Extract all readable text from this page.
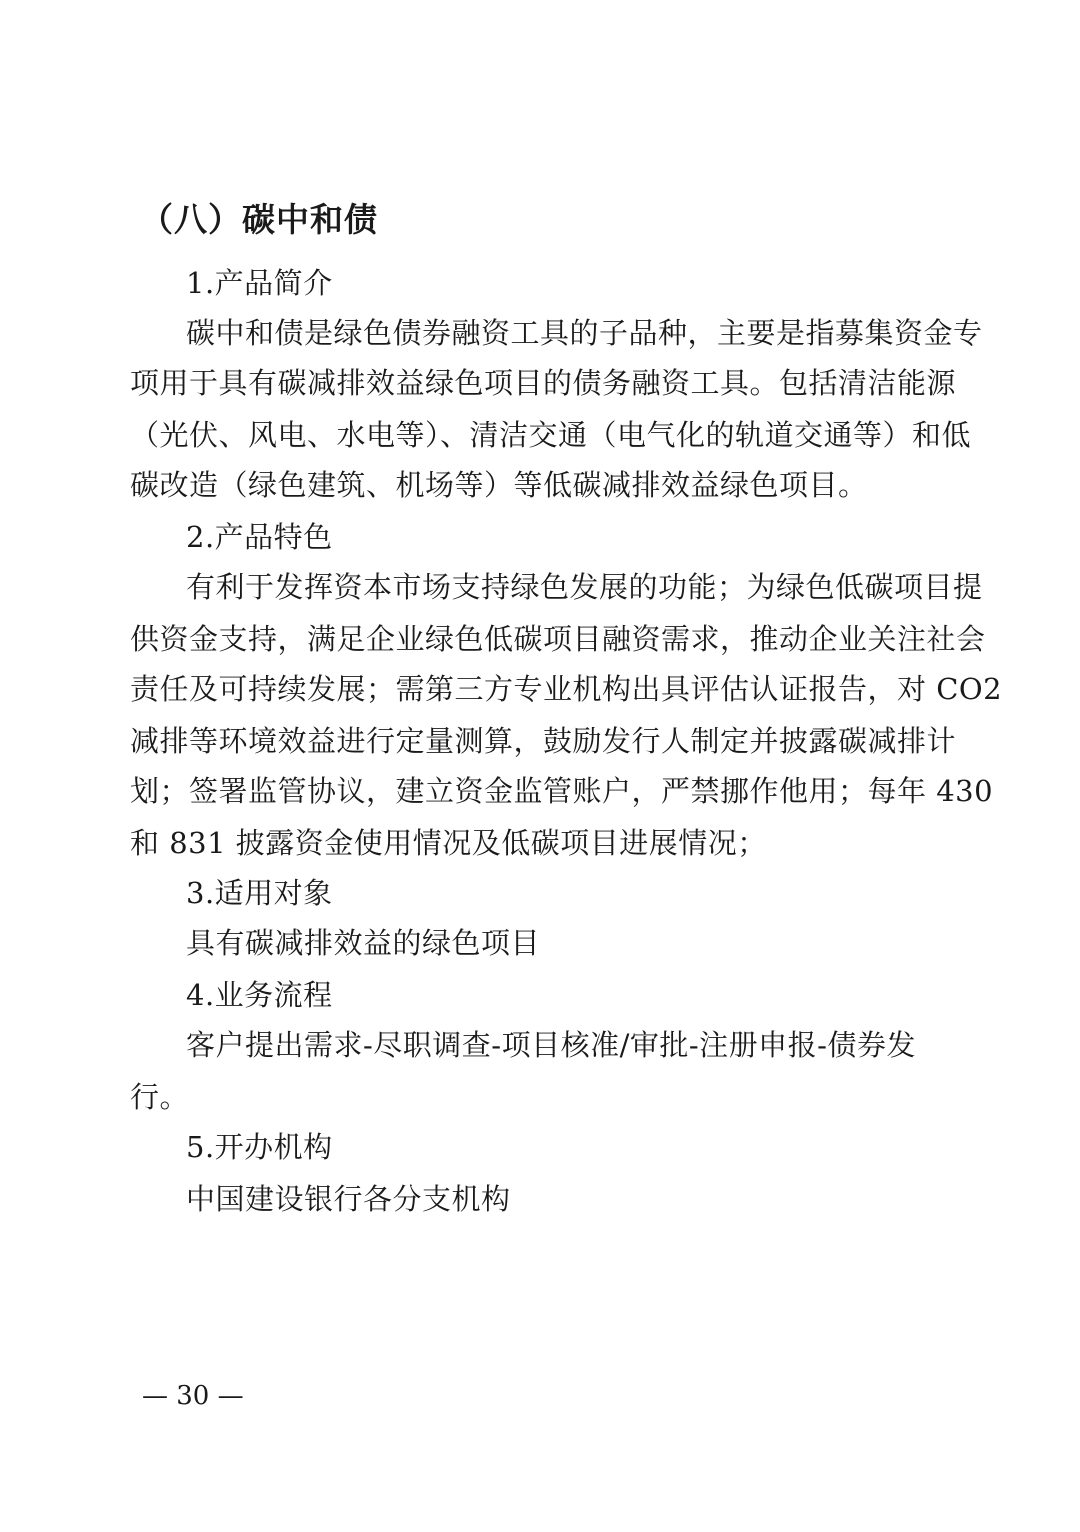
（八）碳中和债
1.产品简介
碳中和债是绿色债券融资工具的子品种，主要是指募集资金专
项用于具有碳减排效益绿色项目的债务融资工具。包括清洁能源
（光伏、风电、水电等）、清洁交通（电气化的轨道交通等）和低
碳改造（绿色建筑、机场等）等低碳减排效益绿色项目。
2.产品特色
有利于发挥资本市场支持绿色发展的功能；为绿色低碳项目提
供资金支持，满足企业绿色低碳项目融资需求，推动企业关注社会
责任及可持续发展；需第三方专业机构出具评估认证报告，对 CO2
减排等环境效益进行定量测算，鼓励发行人制定并披露碳减排计
划；签署监管协议，建立资金监管账户，严禁挪作他用；每年 430
和 831 披露资金使用情况及低碳项目进展情况；
3.适用对象
具有碳减排效益的绿色项目
4.业务流程
客户提出需求-尽职调查-项目核准/审批-注册申报-债券发
行。
5.开办机构
中国建设银行各分支机构
— 30 —
